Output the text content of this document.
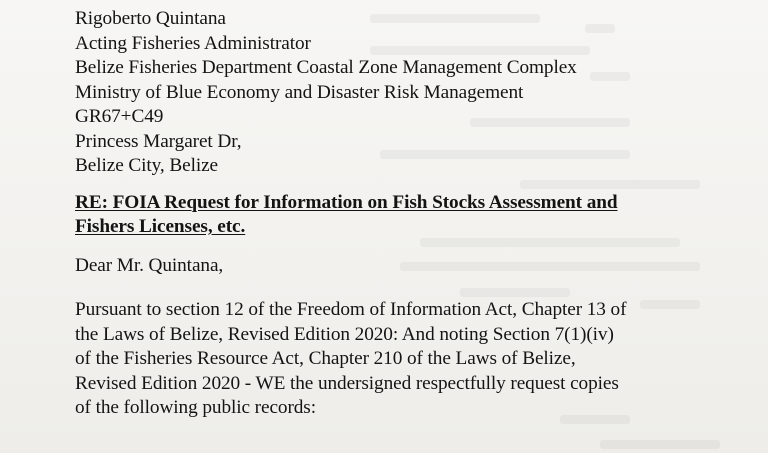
Rigoberto Quintana
Acting Fisheries Administrator
Belize Fisheries Department Coastal Zone Management Complex
Ministry of Blue Economy and Disaster Risk Management
GR67+C49
Princess Margaret Dr,
Belize City, Belize
RE: FOIA Request for Information on Fish Stocks Assessment and
Fishers Licenses, etc.
Dear Mr. Quintana,
Pursuant to section 12 of the Freedom of Information Act, Chapter 13 of
the Laws of Belize, Revised Edition 2020: And noting Section 7(1)(iv)
of the Fisheries Resource Act, Chapter 210 of the Laws of Belize,
Revised Edition 2020 - WE the undersigned respectfully request copies
of the following public records:
